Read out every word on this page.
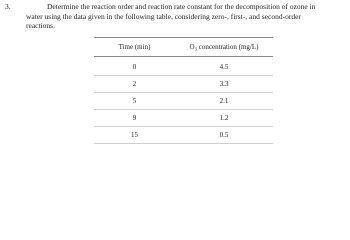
3.	Determine the reaction order and reaction rate constant for the decomposition of ozone in water using the data given in the following table, considering zero-, first-, and second-order reactions.

Time (min)	O₃ concentration (mg/L)
0	4.5
2	3.3
5	2.1
9	1.2
15	0.5
